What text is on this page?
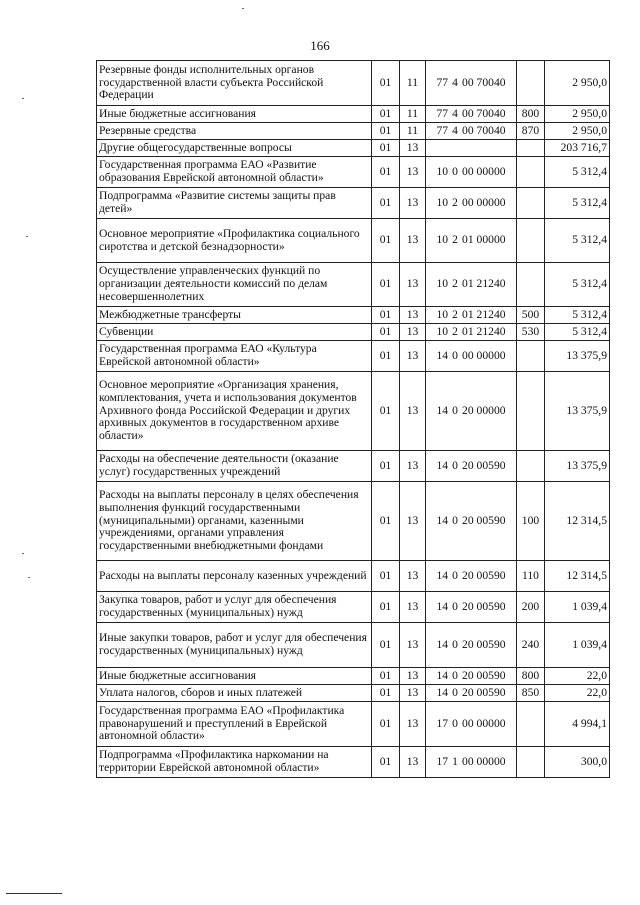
166
Резервные фонды исполнительных органов государственной власти субъекта Российской Федерации	01	11	77 4 00 70040		2 950,0
Иные бюджетные ассигнования	01	11	77 4 00 70040	800	2 950,0
Резервные средства	01	11	77 4 00 70040	870	2 950,0
Другие общегосударственные вопросы	01	13			203 716,7
Государственная программа ЕАО «Развитие образования Еврейской автономной области»	01	13	10 0 00 00000		5 312,4
Подпрограмма «Развитие системы защиты прав детей»	01	13	10 2 00 00000		5 312,4
Основное мероприятие «Профилактика социального сиротства и детской безнадзорности»	01	13	10 2 01 00000		5 312,4
Осуществление управленческих функций по организации деятельности комиссий по делам несовершеннолетних	01	13	10 2 01 21240		5 312,4
Межбюджетные трансферты	01	13	10 2 01 21240	500	5 312,4
Субвенции	01	13	10 2 01 21240	530	5 312,4
Государственная программа ЕАО «Культура Еврейской автономной области»	01	13	14 0 00 00000		13 375,9
Основное мероприятие «Организация хранения, комплектования, учета и использования документов Архивного фонда Российской Федерации и других архивных документов в государственном архиве области»	01	13	14 0 20 00000		13 375,9
Расходы на обеспечение деятельности (оказание услуг) государственных учреждений	01	13	14 0 20 00590		13 375,9
Расходы на выплаты персоналу в целях обеспечения выполнения функций государственными (муниципальными) органами, казенными учреждениями, органами управления государственными внебюджетными фондами	01	13	14 0 20 00590	100	12 314,5
Расходы на выплаты персоналу казенных учреждений	01	13	14 0 20 00590	110	12 314,5
Закупка товаров, работ и услуг для обеспечения государственных (муниципальных) нужд	01	13	14 0 20 00590	200	1 039,4
Иные закупки товаров, работ и услуг для обеспечения государственных (муниципальных) нужд	01	13	14 0 20 00590	240	1 039,4
Иные бюджетные ассигнования	01	13	14 0 20 00590	800	22,0
Уплата налогов, сборов и иных платежей	01	13	14 0 20 00590	850	22,0
Государственная программа ЕАО «Профилактика правонарушений и преступлений в Еврейской автономной области»	01	13	17 0 00 00000		4 994,1
Подпрограмма «Профилактика наркомании на территории Еврейской автономной области»	01	13	17 1 00 00000		300,0
